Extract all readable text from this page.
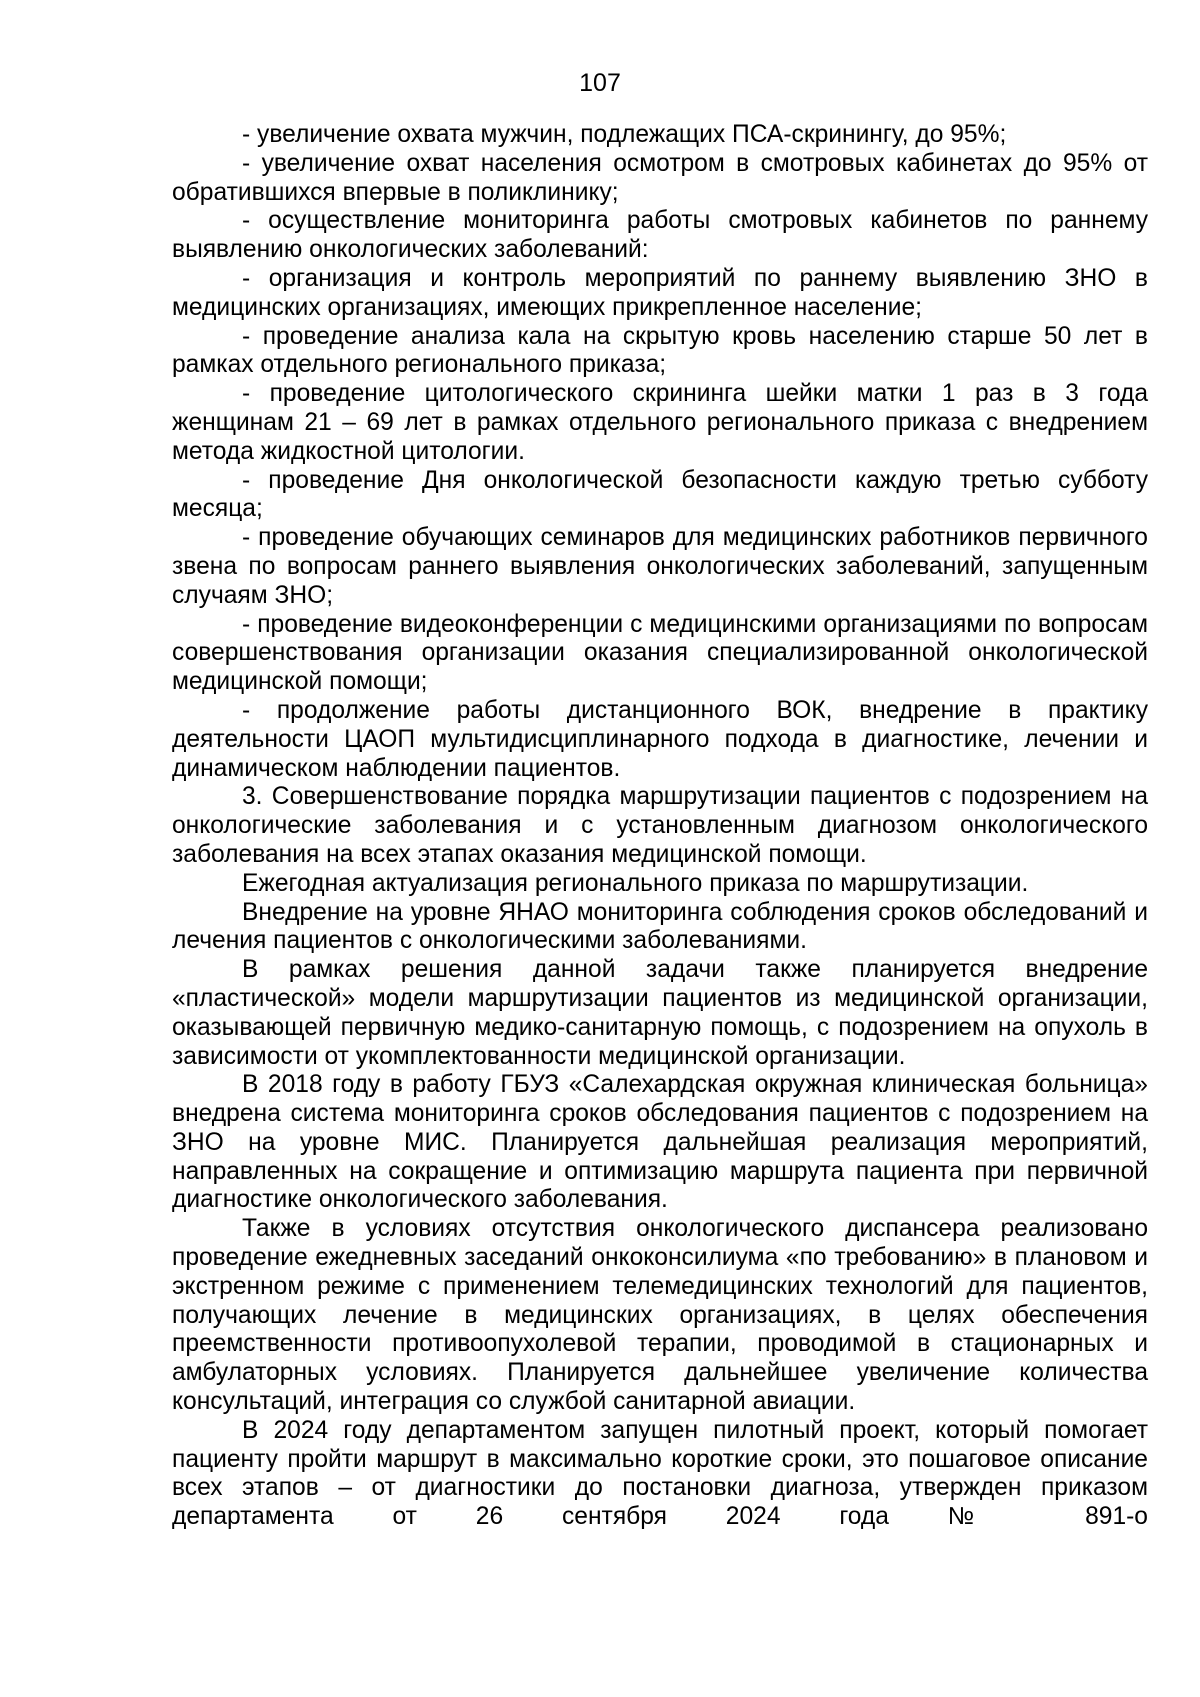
107

- увеличение охвата мужчин, подлежащих ПСА-скринингу, до 95%;

- увеличение охват населения осмотром в смотровых кабинетах до 95% от обратившихся впервые в поликлинику;

- осуществление мониторинга работы смотровых кабинетов по раннему выявлению онкологических заболеваний:

- организация и контроль мероприятий по раннему выявлению ЗНО в медицинских организациях, имеющих прикрепленное население;

- проведение анализа кала на скрытую кровь населению старше 50 лет в рамках отдельного регионального приказа;

- проведение цитологического скрининга шейки матки 1 раз в 3 года женщинам 21 – 69 лет в рамках отдельного регионального приказа с внедрением метода жидкостной цитологии.

- проведение Дня онкологической безопасности каждую третью субботу месяца;

- проведение обучающих семинаров для медицинских работников первичного звена по вопросам раннего выявления онкологических заболеваний, запущенным случаям ЗНО;

- проведение видеоконференции с медицинскими организациями по вопросам совершенствования организации оказания специализированной онкологической медицинской помощи;

- продолжение работы дистанционного ВОК, внедрение в практику деятельности ЦАОП мультидисциплинарного подхода в диагностике, лечении и динамическом наблюдении пациентов.

3. Совершенствование порядка маршрутизации пациентов с подозрением на онкологические заболевания и с установленным диагнозом онкологического заболевания на всех этапах оказания медицинской помощи.

Ежегодная актуализация регионального приказа по маршрутизации.

Внедрение на уровне ЯНАО мониторинга соблюдения сроков обследований и лечения пациентов с онкологическими заболеваниями.

В рамках решения данной задачи также планируется внедрение «пластической» модели маршрутизации пациентов из медицинской организации, оказывающей первичную медико-санитарную помощь, с подозрением на опухоль в зависимости от укомплектованности медицинской организации.

В 2018 году в работу ГБУЗ «Салехардская окружная клиническая больница» внедрена система мониторинга сроков обследования пациентов с подозрением на ЗНО на уровне МИС. Планируется дальнейшая реализация мероприятий, направленных на сокращение и оптимизацию маршрута пациента при первичной диагностике онкологического заболевания.

Также в условиях отсутствия онкологического диспансера реализовано проведение ежедневных заседаний онкоконсилиума «по требованию» в плановом и экстренном режиме с применением телемедицинских технологий для пациентов, получающих лечение в медицинских организациях, в целях обеспечения преемственности противоопухолевой терапии, проводимой в стационарных и амбулаторных условиях. Планируется дальнейшее увеличение количества консультаций, интеграция со службой санитарной авиации.

В 2024 году департаментом запущен пилотный проект, который помогает пациенту пройти маршрут в максимально короткие сроки, это пошаговое описание всех этапов – от диагностики до постановки диагноза, утвержден приказом департамента от 26 сентября 2024 года № 891-о
